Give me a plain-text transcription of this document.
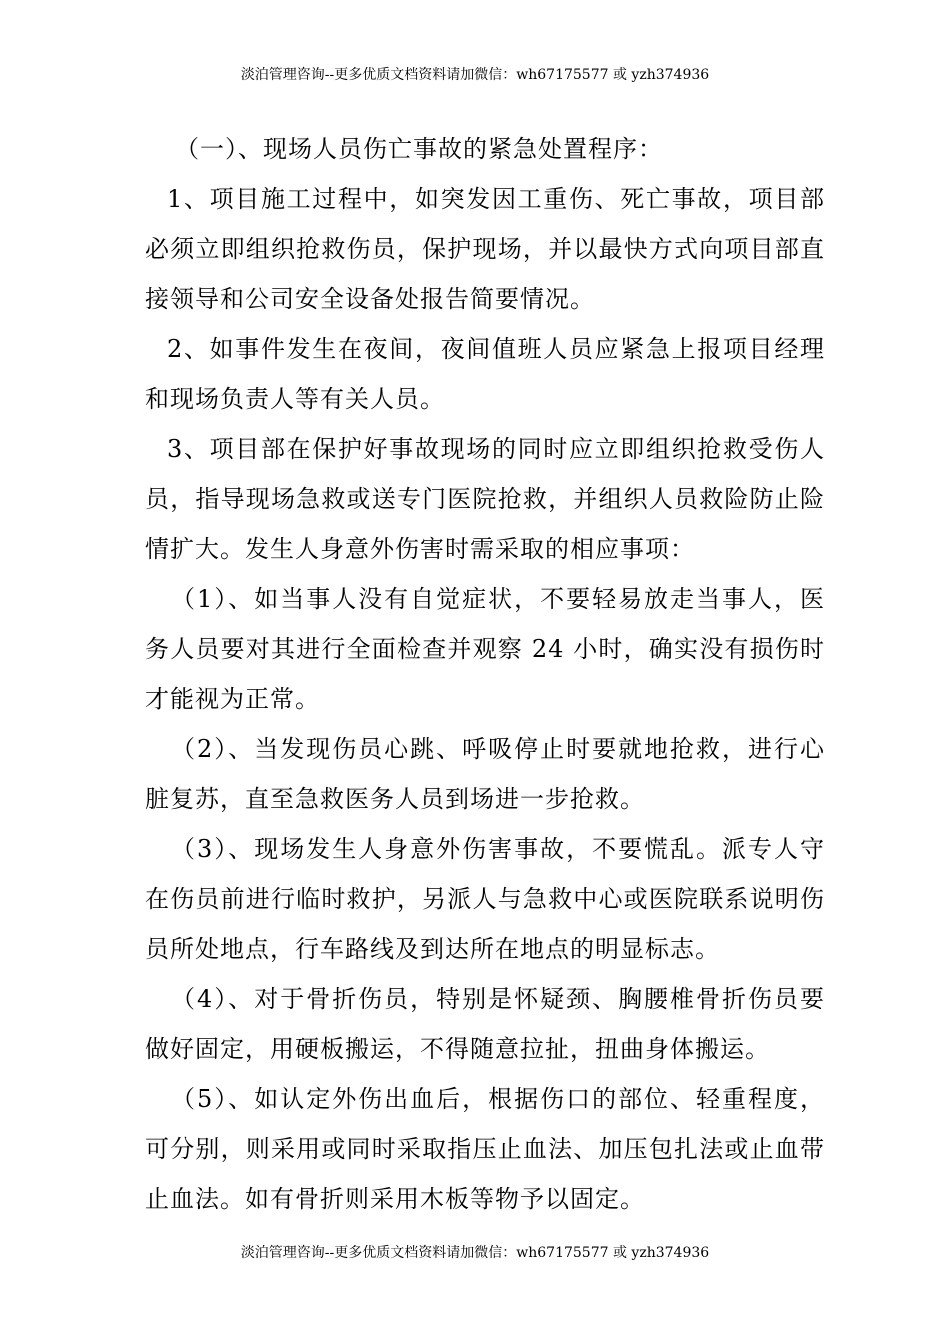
淡泊管理咨询--更多优质文档资料请加微信：wh67175577 或 yzh374936

（一）、现场人员伤亡事故的紧急处置程序：

1、项目施工过程中，如突发因工重伤、死亡事故，项目部必须立即组织抢救伤员，保护现场，并以最快方式向项目部直接领导和公司安全设备处报告简要情况。

2、如事件发生在夜间，夜间值班人员应紧急上报项目经理和现场负责人等有关人员。

3、项目部在保护好事故现场的同时应立即组织抢救受伤人员，指导现场急救或送专门医院抢救，并组织人员救险防止险情扩大。发生人身意外伤害时需采取的相应事项：

（1）、如当事人没有自觉症状，不要轻易放走当事人，医务人员要对其进行全面检查并观察 24 小时，确实没有损伤时才能视为正常。

（2）、当发现伤员心跳、呼吸停止时要就地抢救，进行心脏复苏，直至急救医务人员到场进一步抢救。

（3）、现场发生人身意外伤害事故，不要慌乱。派专人守在伤员前进行临时救护，另派人与急救中心或医院联系说明伤员所处地点，行车路线及到达所在地点的明显标志。

（4）、对于骨折伤员，特别是怀疑颈、胸腰椎骨折伤员要做好固定，用硬板搬运，不得随意拉扯，扭曲身体搬运。

（5）、如认定外伤出血后，根据伤口的部位、轻重程度，可分别，则采用或同时采取指压止血法、加压包扎法或止血带止血法。如有骨折则采用木板等物予以固定。

淡泊管理咨询--更多优质文档资料请加微信：wh67175577 或 yzh374936
